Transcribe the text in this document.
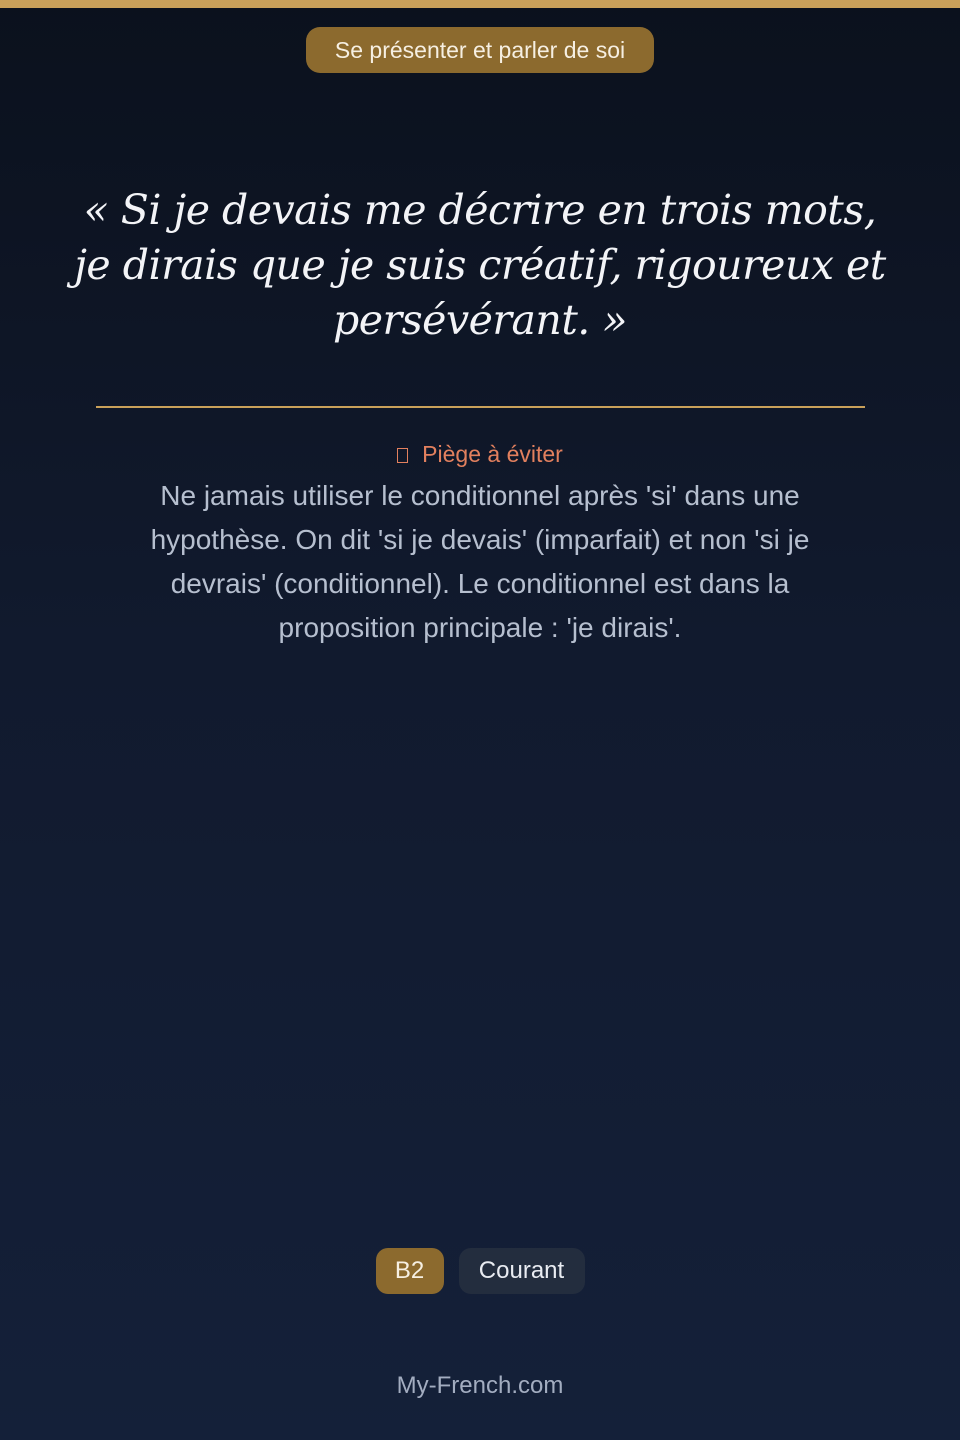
Se présenter et parler de soi

« Si je devais me décrire en trois mots, je dirais que je suis créatif, rigoureux et persévérant. »

Piège à éviter

Ne jamais utiliser le conditionnel après 'si' dans une hypothèse. On dit 'si je devais' (imparfait) et non 'si je devrais' (conditionnel). Le conditionnel est dans la proposition principale : 'je dirais'.

B2	Courant
My-French.com
